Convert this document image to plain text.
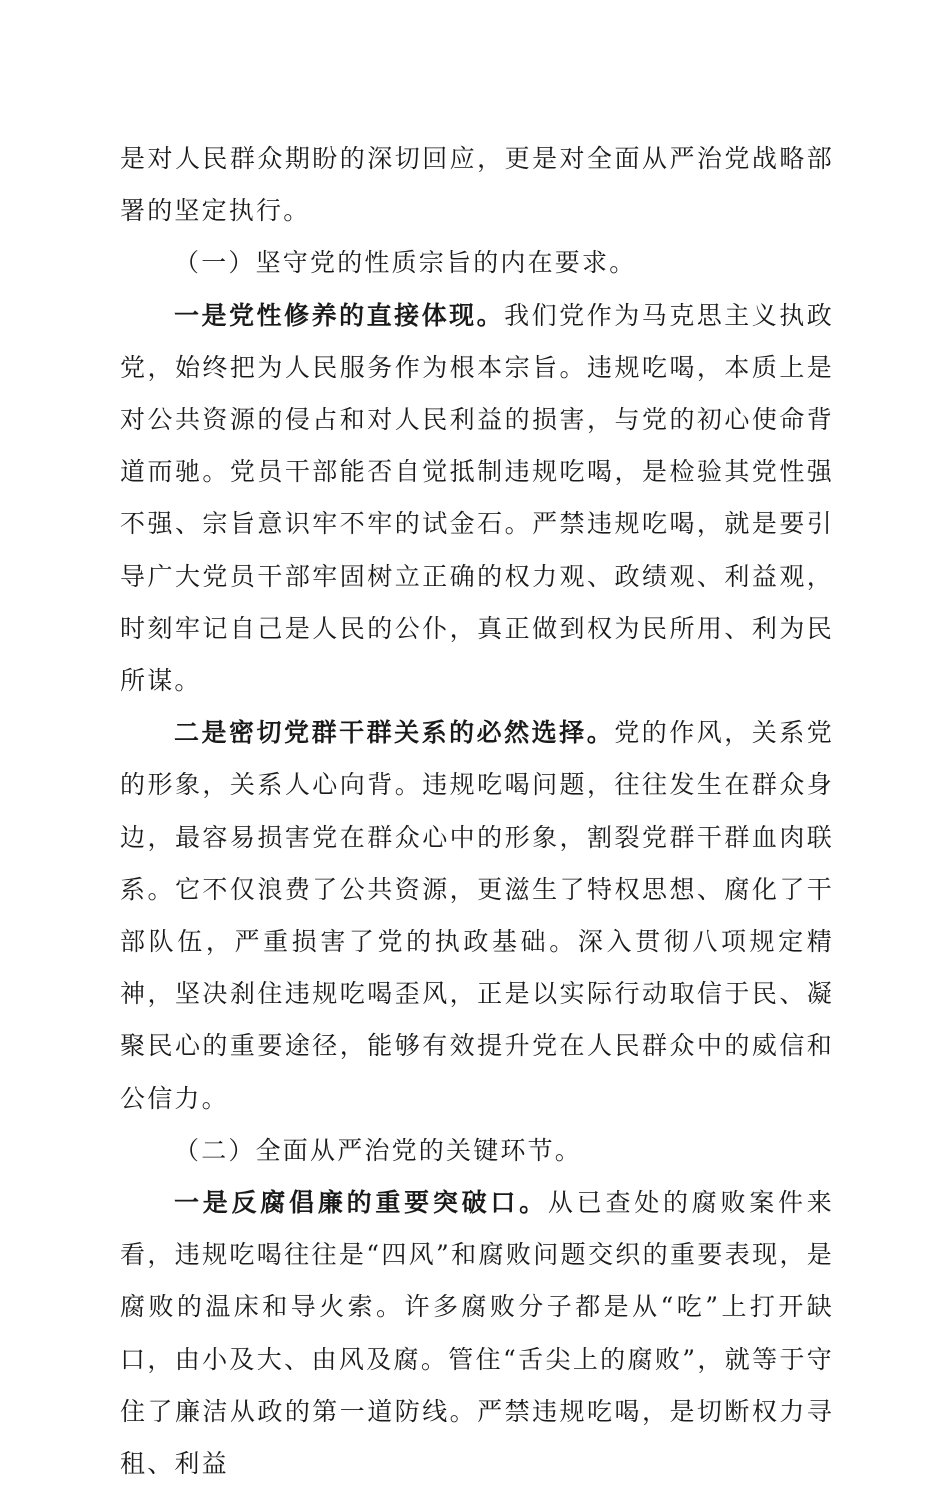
是对人民群众期盼的深切回应，更是对全面从严治党战略部署的坚定执行。

（一）坚守党的性质宗旨的内在要求。

一是党性修养的直接体现。我们党作为马克思主义执政党，始终把为人民服务作为根本宗旨。违规吃喝，本质上是对公共资源的侵占和对人民利益的损害，与党的初心使命背道而驰。党员干部能否自觉抵制违规吃喝，是检验其党性强不强、宗旨意识牢不牢的试金石。严禁违规吃喝，就是要引导广大党员干部牢固树立正确的权力观、政绩观、利益观，时刻牢记自己是人民的公仆，真正做到权为民所用、利为民所谋。

二是密切党群干群关系的必然选择。党的作风，关系党的形象，关系人心向背。违规吃喝问题，往往发生在群众身边，最容易损害党在群众心中的形象，割裂党群干群血肉联系。它不仅浪费了公共资源，更滋生了特权思想、腐化了干部队伍，严重损害了党的执政基础。深入贯彻八项规定精神，坚决刹住违规吃喝歪风，正是以实际行动取信于民、凝聚民心的重要途径，能够有效提升党在人民群众中的威信和公信力。

（二）全面从严治党的关键环节。

一是反腐倡廉的重要突破口。从已查处的腐败案件来看，违规吃喝往往是“四风”和腐败问题交织的重要表现，是腐败的温床和导火索。许多腐败分子都是从“吃”上打开缺口，由小及大、由风及腐。管住“舌尖上的腐败”，就等于守住了廉洁从政的第一道防线。严禁违规吃喝，是切断权力寻租、利益
